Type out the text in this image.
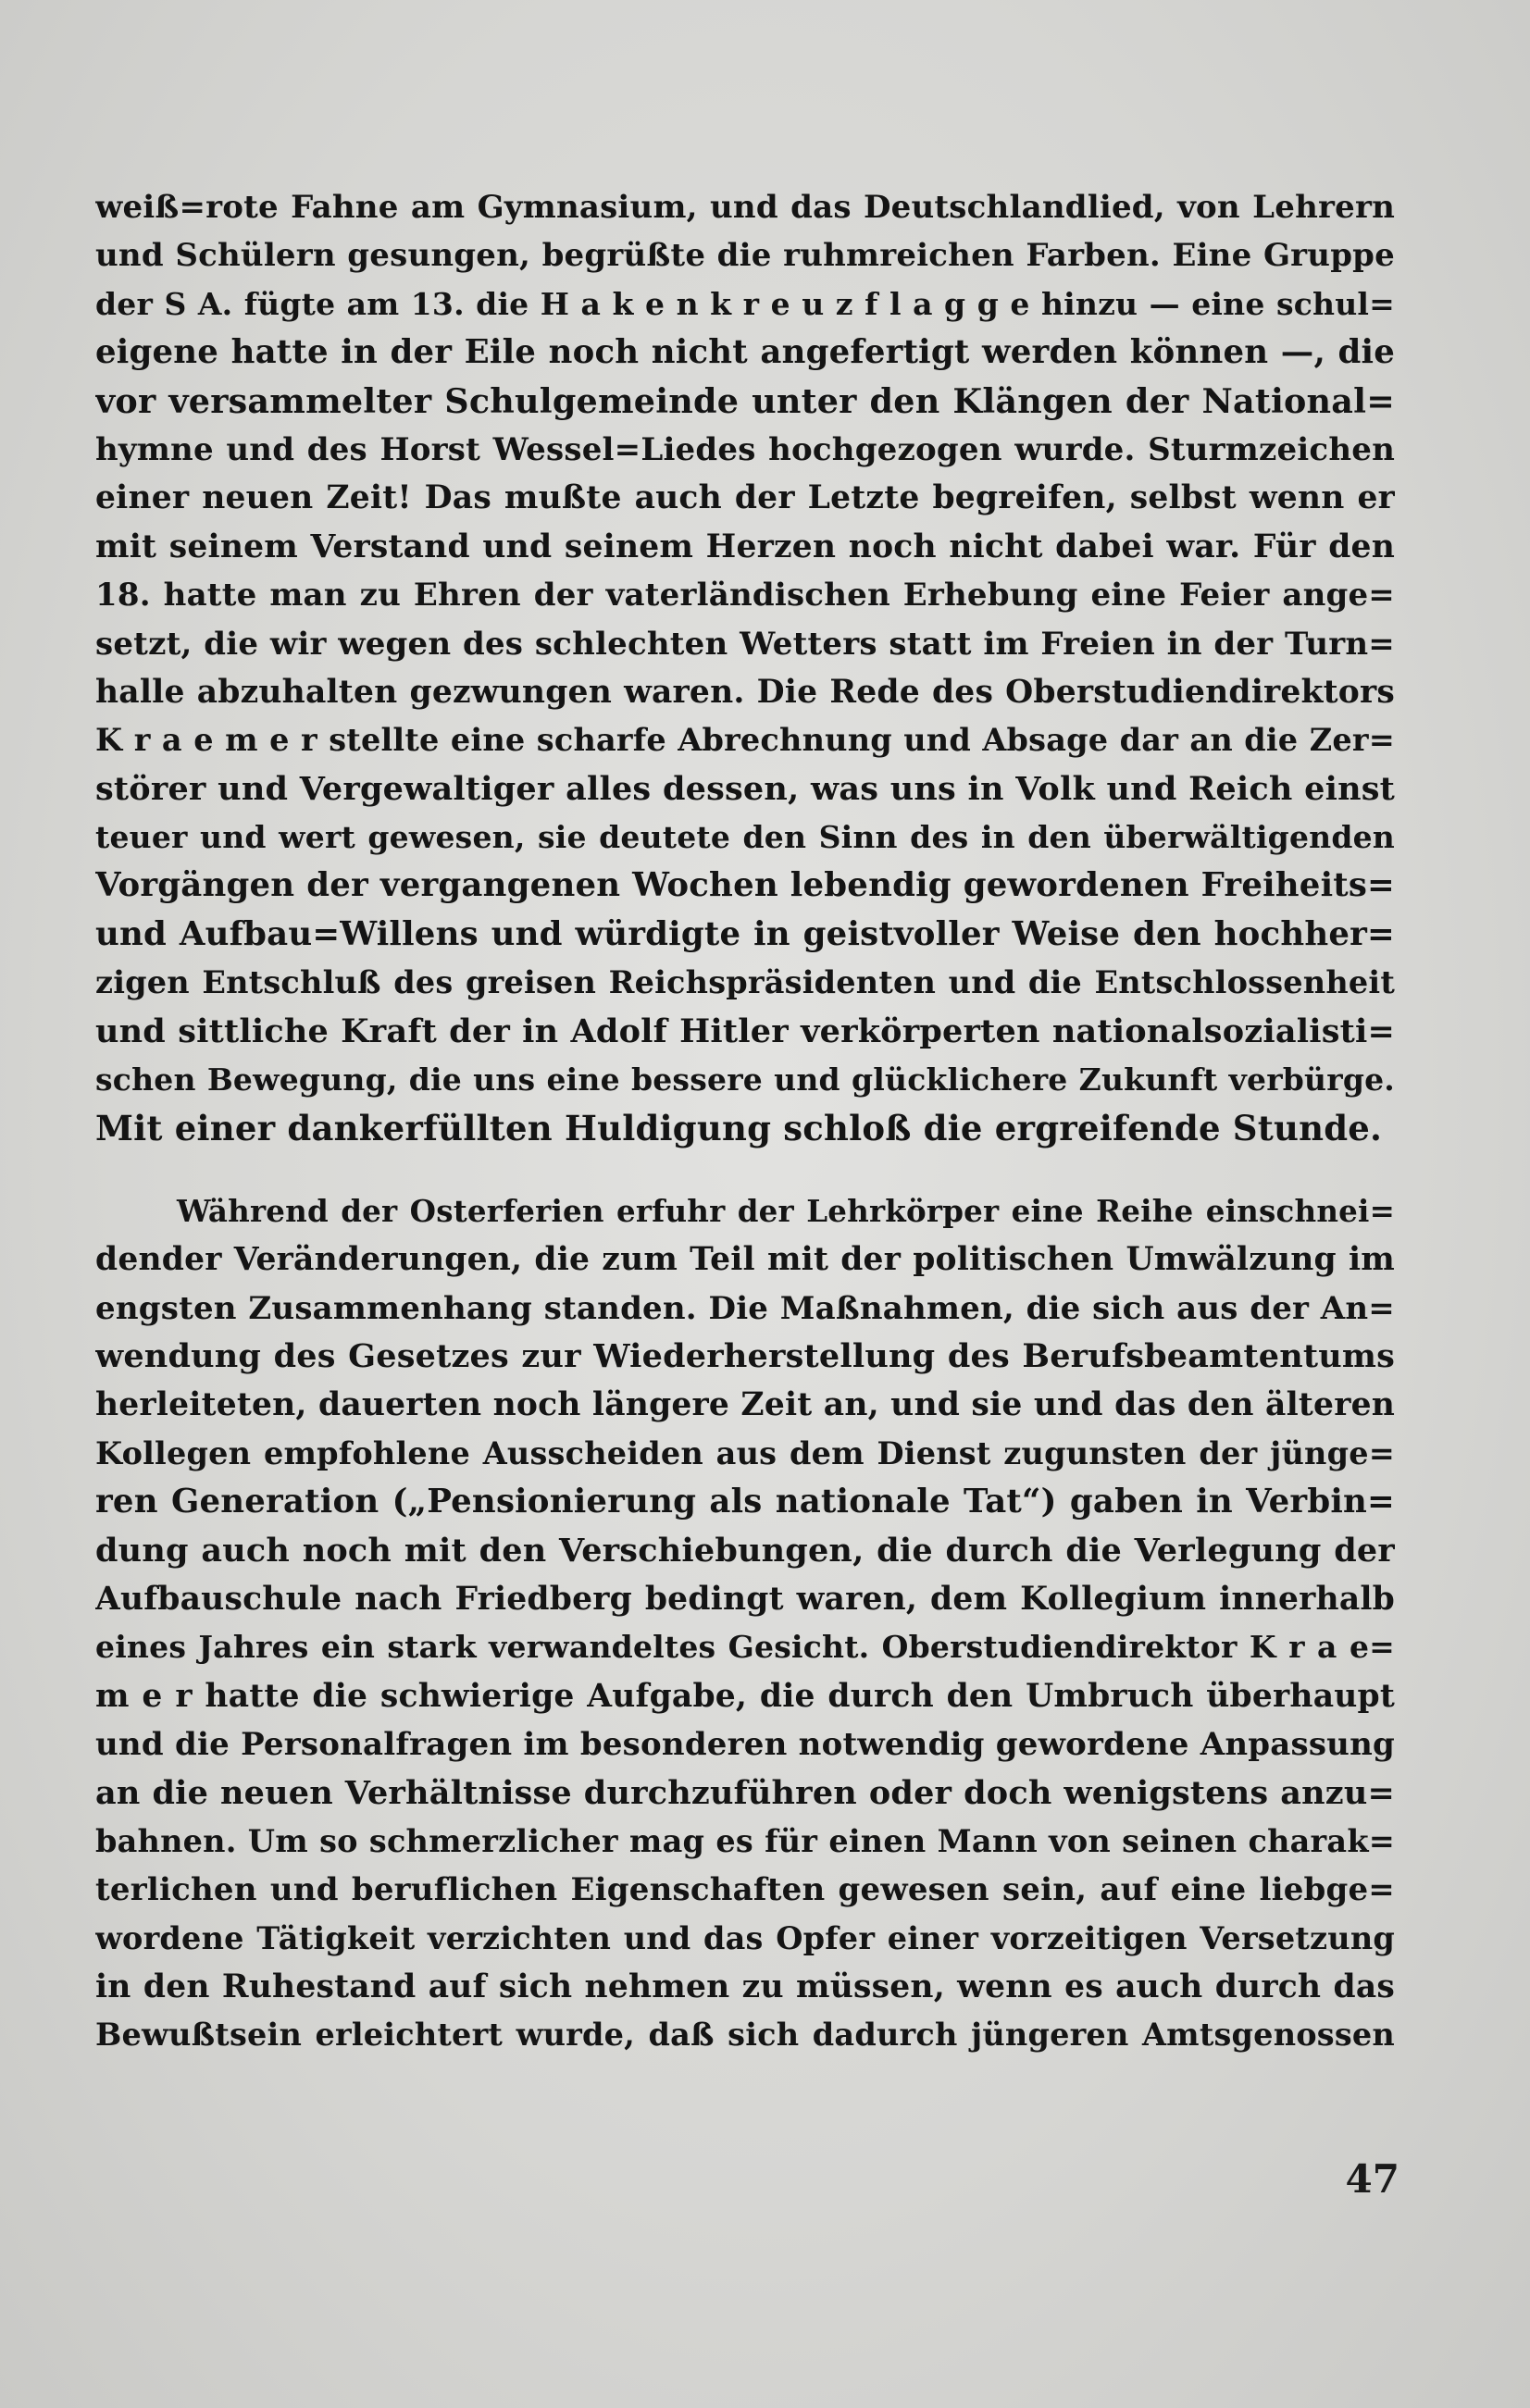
weiß=rote Fahne am Gymnasium, und das Deutschlandlied, von Lehrern
und Schülern gesungen, begrüßte die ruhmreichen Farben. Eine Gruppe
der S A. fügte am 13. die H a k e n k r e u z f l a g g e hinzu — eine schul=
eigene hatte in der Eile noch nicht angefertigt werden können —, die
vor versammelter Schulgemeinde unter den Klängen der National=
hymne und des Horst Wessel=Liedes hochgezogen wurde. Sturmzeichen
einer neuen Zeit! Das mußte auch der Letzte begreifen, selbst wenn er
mit seinem Verstand und seinem Herzen noch nicht dabei war. Für den
18. hatte man zu Ehren der vaterländischen Erhebung eine Feier ange=
setzt, die wir wegen des schlechten Wetters statt im Freien in der Turn=
halle abzuhalten gezwungen waren. Die Rede des Oberstudiendirektors
K r a e m e r stellte eine scharfe Abrechnung und Absage dar an die Zer=
störer und Vergewaltiger alles dessen, was uns in Volk und Reich einst
teuer und wert gewesen, sie deutete den Sinn des in den überwältigenden
Vorgängen der vergangenen Wochen lebendig gewordenen Freiheits=
und Aufbau=Willens und würdigte in geistvoller Weise den hochher=
zigen Entschluß des greisen Reichspräsidenten und die Entschlossenheit
und sittliche Kraft der in Adolf Hitler verkörperten nationalsozialisti=
schen Bewegung, die uns eine bessere und glücklichere Zukunft verbürge.
Mit einer dankerfüllten Huldigung schloß die ergreifende Stunde.
Während der Osterferien erfuhr der Lehrkörper eine Reihe einschnei=
dender Veränderungen, die zum Teil mit der politischen Umwälzung im
engsten Zusammenhang standen. Die Maßnahmen, die sich aus der An=
wendung des Gesetzes zur Wiederherstellung des Berufsbeamtentums
herleiteten, dauerten noch längere Zeit an, und sie und das den älteren
Kollegen empfohlene Ausscheiden aus dem Dienst zugunsten der jünge=
ren Generation („Pensionierung als nationale Tat“) gaben in Verbin=
dung auch noch mit den Verschiebungen, die durch die Verlegung der
Aufbauschule nach Friedberg bedingt waren, dem Kollegium innerhalb
eines Jahres ein stark verwandeltes Gesicht. Oberstudiendirektor K r a e=
m e r hatte die schwierige Aufgabe, die durch den Umbruch überhaupt
und die Personalfragen im besonderen notwendig gewordene Anpassung
an die neuen Verhältnisse durchzuführen oder doch wenigstens anzu=
bahnen. Um so schmerzlicher mag es für einen Mann von seinen charak=
terlichen und beruflichen Eigenschaften gewesen sein, auf eine liebge=
wordene Tätigkeit verzichten und das Opfer einer vorzeitigen Versetzung
in den Ruhestand auf sich nehmen zu müssen, wenn es auch durch das
Bewußtsein erleichtert wurde, daß sich dadurch jüngeren Amtsgenossen
47
